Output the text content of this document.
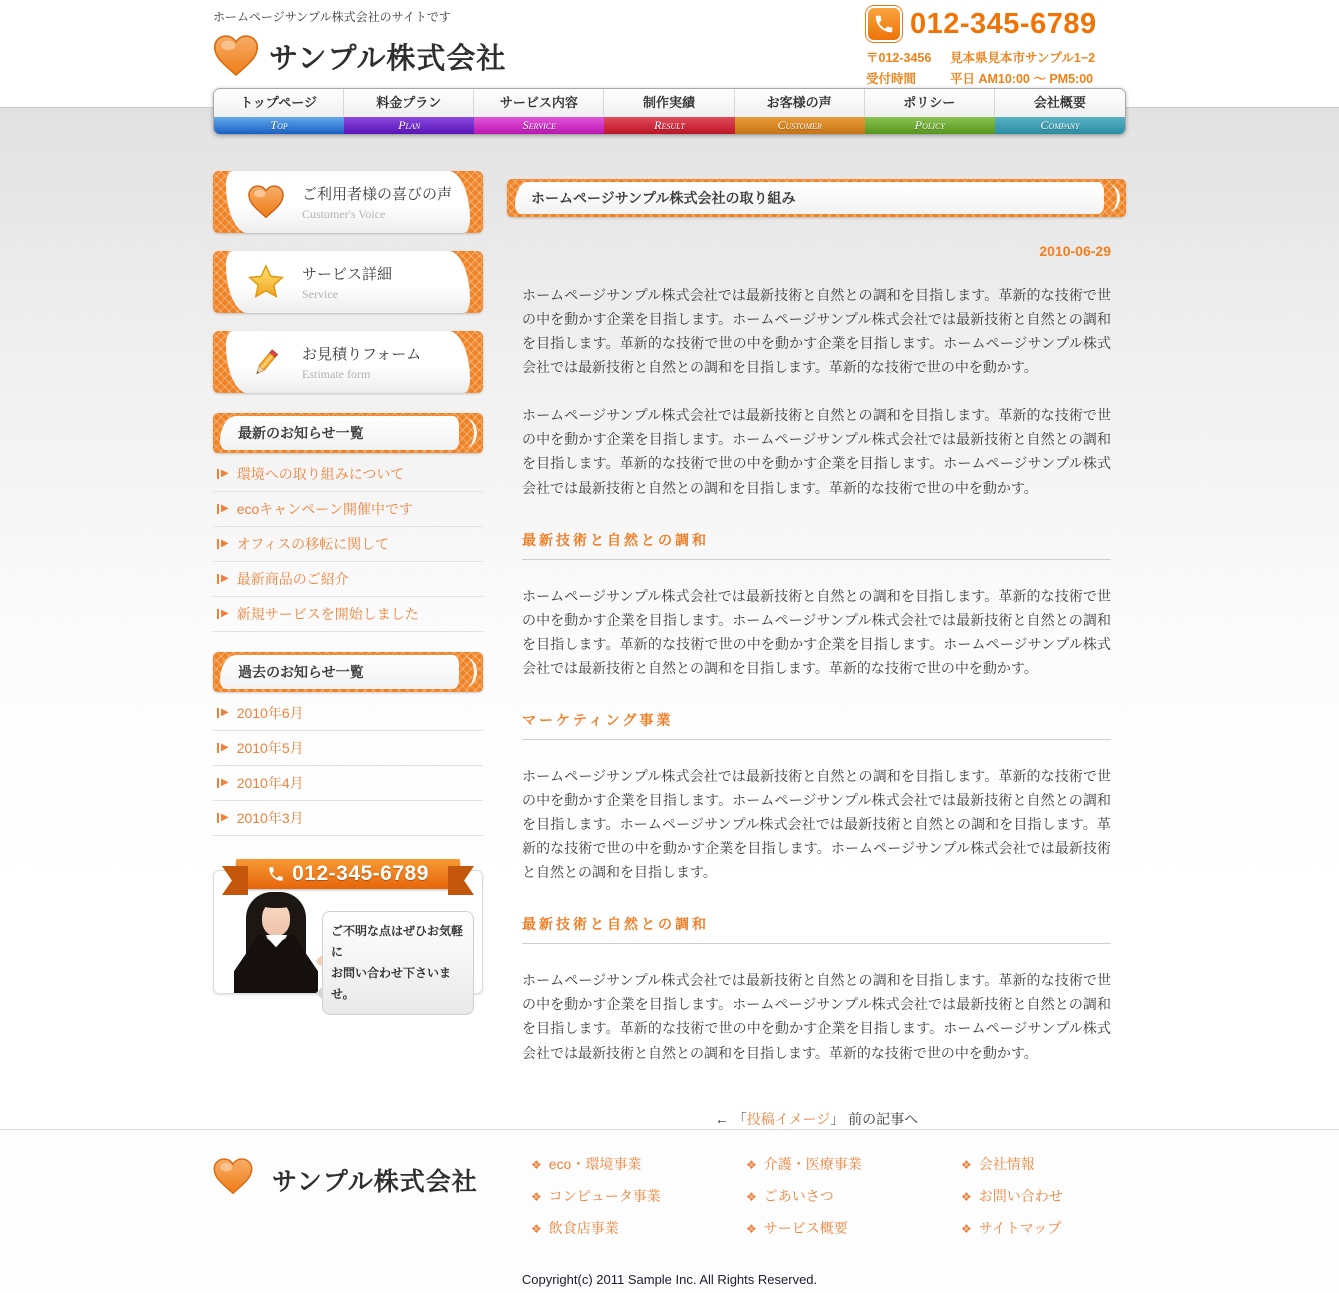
ホームページサンプル株式会社のサイトです
サンプル株式会社
012-345-6789
〒012-3456	見本県見本市サンプル1−2
受付時間	平日 AM10:00 ～ PM5:00
トップページ
Top
料金プラン
Plan
サービス内容
Service
制作実績
Result
お客様の声
Customer
ポリシー
Policy
会社概要
Company
ご利用者様の喜びの声
Customer's Voice
サービス詳細
Service
お見積りフォーム
Estimate form
最新のお知らせ一覧
▶ 環境への取り組みについて
▶ ecoキャンペーン開催中です
▶ オフィスの移転に関して
▶ 最新商品のご紹介
▶ 新規サービスを開始しました
過去のお知らせ一覧
▶ 2010年6月
▶ 2010年5月
▶ 2010年4月
▶ 2010年3月
012-345-6789
ご不明な点はぜひお気軽に
お問い合わせ下さいませ。
ホームページサンプル株式会社の取り組み
2010-06-29

ホームページサンプル株式会社では最新技術と自然との調和を目指します。革新的な技術で世の中を動かす企業を目指します。ホームページサンプル株式会社では最新技術と自然との調和を目指します。革新的な技術で世の中を動かす企業を目指します。ホームページサンプル株式会社では最新技術と自然との調和を目指します。革新的な技術で世の中を動かす。

ホームページサンプル株式会社では最新技術と自然との調和を目指します。革新的な技術で世の中を動かす企業を目指します。ホームページサンプル株式会社では最新技術と自然との調和を目指します。革新的な技術で世の中を動かす企業を目指します。ホームページサンプル株式会社では最新技術と自然との調和を目指します。革新的な技術で世の中を動かす。

最新技術と自然との調和

ホームページサンプル株式会社では最新技術と自然との調和を目指します。革新的な技術で世の中を動かす企業を目指します。ホームページサンプル株式会社では最新技術と自然との調和を目指します。革新的な技術で世の中を動かす企業を目指します。ホームページサンプル株式会社では最新技術と自然との調和を目指します。革新的な技術で世の中を動かす。

マーケティング事業

ホームページサンプル株式会社では最新技術と自然との調和を目指します。革新的な技術で世の中を動かす企業を目指します。ホームページサンプル株式会社では最新技術と自然との調和を目指します。ホームページサンプル株式会社では最新技術と自然との調和を目指します。革新的な技術で世の中を動かす企業を目指します。ホームページサンプル株式会社では最新技術と自然との調和を目指します。

最新技術と自然との調和

ホームページサンプル株式会社では最新技術と自然との調和を目指します。革新的な技術で世の中を動かす企業を目指します。ホームページサンプル株式会社では最新技術と自然との調和を目指します。革新的な技術で世の中を動かす企業を目指します。ホームページサンプル株式会社では最新技術と自然との調和を目指します。革新的な技術で世の中を動かす。

← 「投稿イメージ」 前の記事へ
サンプル株式会社
❖ eco・環境事業
❖ コンピュータ事業
❖ 飲食店事業
❖ 介護・医療事業
❖ ごあいさつ
❖ サービス概要
❖ 会社情報
❖ お問い合わせ
❖ サイトマップ
Copyright(c) 2011 Sample Inc. All Rights Reserved.
